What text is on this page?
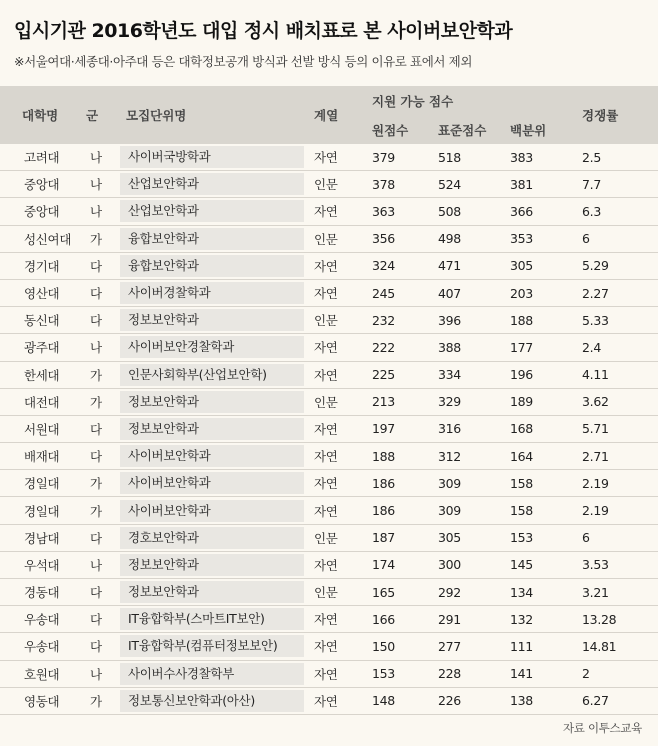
입시기관 2016학년도 대입 정시 배치표로 본 사이버보안학과
※서울여대·세종대·아주대 등은 대학정보공개 방식과 선발 방식 등의 이유로 표에서 제외
대학명	군	모집단위명	계열	지원 가능 점수			경쟁률
				원점수	표준점수	백분위	
고려대	나	사이버국방학과	자연	379	518	383	2.5
중앙대	나	산업보안학과	인문	378	524	381	7.7
중앙대	나	산업보안학과	자연	363	508	366	6.3
성신여대	가	융합보안학과	인문	356	498	353	6
경기대	다	융합보안학과	자연	324	471	305	5.29
영산대	다	사이버경찰학과	자연	245	407	203	2.27
동신대	다	정보보안학과	인문	232	396	188	5.33
광주대	나	사이버보안경찰학과	자연	222	388	177	2.4
한세대	가	인문사회학부(산업보안학)	자연	225	334	196	4.11
대전대	가	정보보안학과	인문	213	329	189	3.62
서원대	다	정보보안학과	자연	197	316	168	5.71
배재대	다	사이버보안학과	자연	188	312	164	2.71
경일대	가	사이버보안학과	자연	186	309	158	2.19
경일대	가	사이버보안학과	자연	186	309	158	2.19
경남대	다	경호보안학과	인문	187	305	153	6
우석대	나	정보보안학과	자연	174	300	145	3.53
경동대	다	정보보안학과	인문	165	292	134	3.21
우송대	다	IT융합학부(스마트IT보안)	자연	166	291	132	13.28
우송대	다	IT융합학부(컴퓨터정보보안)	자연	150	277	111	14.81
호원대	나	사이버수사경찰학부	자연	153	228	141	2
영동대	가	정보통신보안학과(아산)	자연	148	226	138	6.27
자료 이투스교육
